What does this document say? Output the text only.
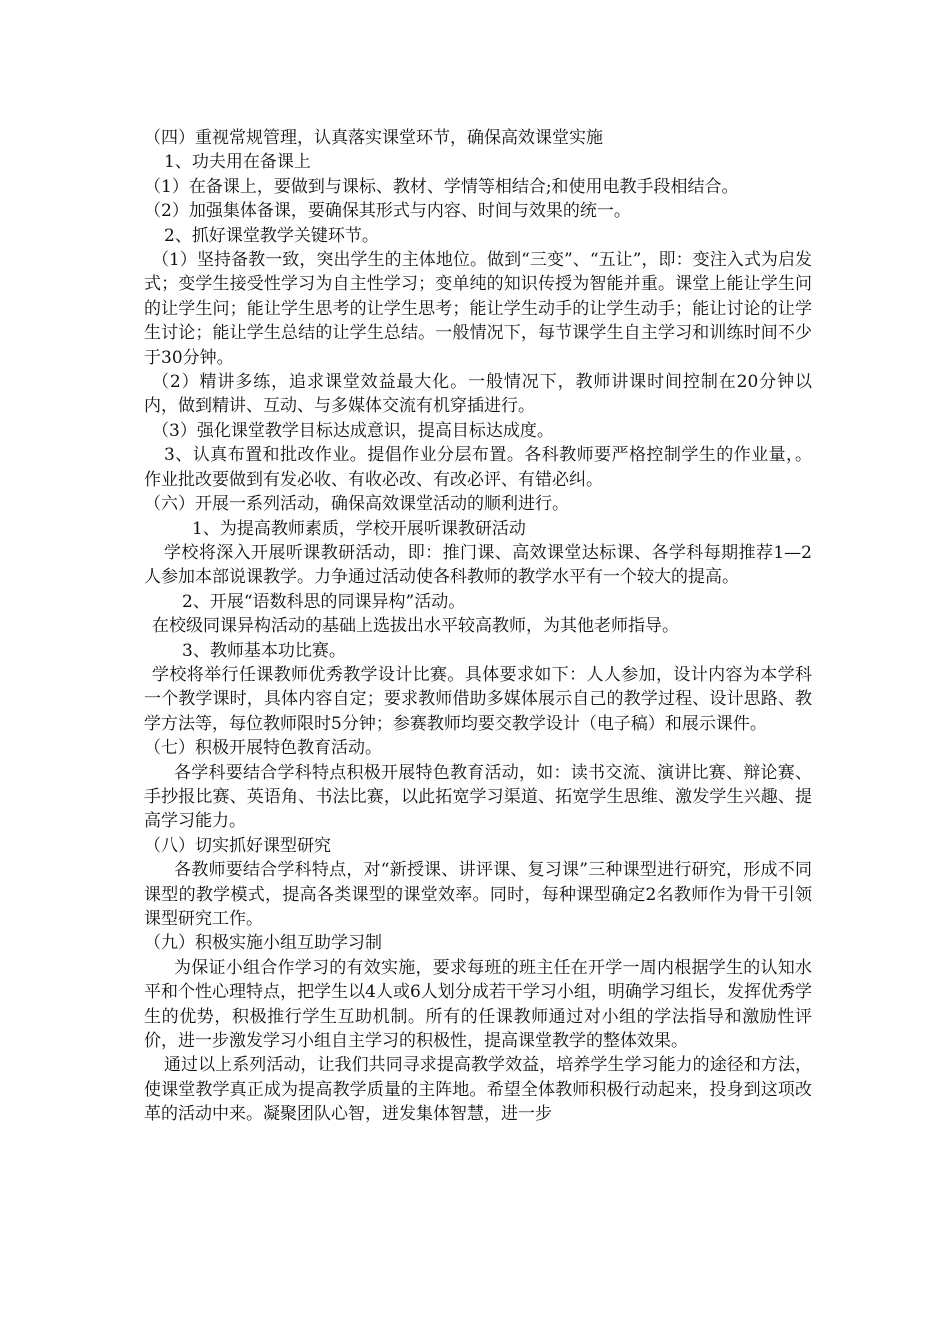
（四）重视常规管理，认真落实课堂环节，确保高效课堂实施

1、功夫用在备课上

（1）在备课上，要做到与课标、教材、学情等相结合;和使用电教手段相结合。

（2）加强集体备课，要确保其形式与内容、时间与效果的统一。

2、抓好课堂教学关键环节。

（1）坚持备教一致，突出学生的主体地位。做到“三变”、“五让”，即：变注入式为启发式；变学生接受性学习为自主性学习；变单纯的知识传授为智能并重。课堂上能让学生问的让学生问；能让学生思考的让学生思考；能让学生动手的让学生动手；能让讨论的让学生讨论；能让学生总结的让学生总结。一般情况下，每节课学生自主学习和训练时间不少于30分钟。

（2）精讲多练，追求课堂效益最大化。一般情况下，教师讲课时间控制在20分钟以内，做到精讲、互动、与多媒体交流有机穿插进行。

（3）强化课堂教学目标达成意识，提高目标达成度。

3、认真布置和批改作业。提倡作业分层布置。各科教师要严格控制学生的作业量，。作业批改要做到有发必收、有收必改、有改必评、有错必纠。

（六）开展一系列活动，确保高效课堂活动的顺利进行。

1、为提高教师素质，学校开展听课教研活动

学校将深入开展听课教研活动，即：推门课、高效课堂达标课、各学科每期推荐1—2人参加本部说课教学。力争通过活动使各科教师的教学水平有一个较大的提高。

2、开展“语数科思的同课异构”活动。

在校级同课异构活动的基础上选拔出水平较高教师，为其他老师指导。

3、教师基本功比赛。

学校将举行任课教师优秀教学设计比赛。具体要求如下：人人参加，设计内容为本学科一个教学课时，具体内容自定；要求教师借助多媒体展示自己的教学过程、设计思路、教学方法等，每位教师限时5分钟；参赛教师均要交教学设计（电子稿）和展示课件。

（七）积极开展特色教育活动。

各学科要结合学科特点积极开展特色教育活动，如：读书交流、演讲比赛、辩论赛、手抄报比赛、英语角、书法比赛，以此拓宽学习渠道、拓宽学生思维、激发学生兴趣、提高学习能力。

（八）切实抓好课型研究

各教师要结合学科特点，对“新授课、讲评课、复习课”三种课型进行研究，形成不同课型的教学模式，提高各类课型的课堂效率。同时，每种课型确定2名教师作为骨干引领课型研究工作。

（九）积极实施小组互助学习制

为保证小组合作学习的有效实施，要求每班的班主任在开学一周内根据学生的认知水平和个性心理特点，把学生以4人或6人划分成若干学习小组，明确学习组长，发挥优秀学生的优势，积极推行学生互助机制。所有的任课教师通过对小组的学法指导和激励性评价，进一步激发学习小组自主学习的积极性，提高课堂教学的整体效果。

通过以上系列活动，让我们共同寻求提高教学效益，培养学生学习能力的途径和方法，使课堂教学真正成为提高教学质量的主阵地。希望全体教师积极行动起来，投身到这项改革的活动中来。凝聚团队心智，迸发集体智慧，进一步
